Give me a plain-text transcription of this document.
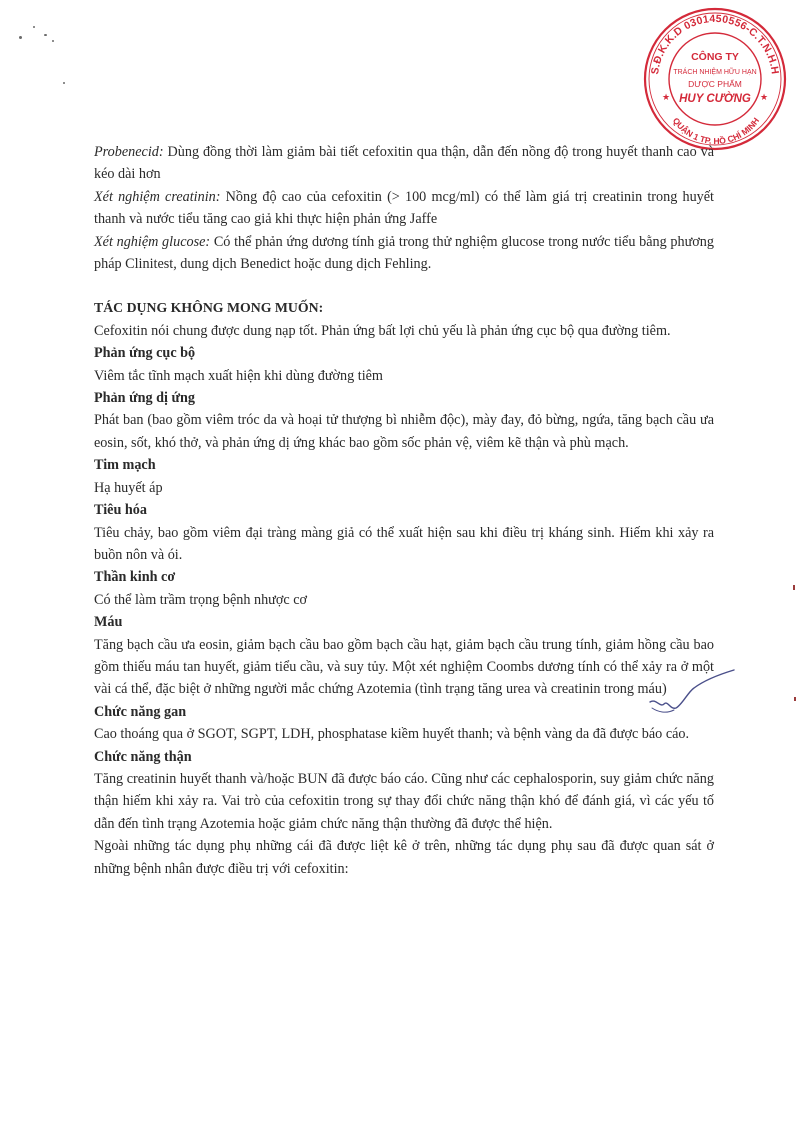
S.Đ.K.K.D 0301450556-C.T.N.H.H
QUẬN 1 TP. HỒ CHÍ MINH
CÔNG TY
TRÁCH NHIỆM HỮU HẠN
DƯỢC PHẨM
HUY CƯỜNG
★	★

Probenecid: Dùng đồng thời làm giảm bài tiết cefoxitin qua thận, dẫn đến nồng độ trong huyết thanh cao và kéo dài hơn

Xét nghiệm creatinin: Nồng độ cao của cefoxitin (> 100 mcg/ml) có thể làm giá trị creatinin trong huyết thanh và nước tiểu tăng cao giả khi thực hiện phản ứng Jaffe

Xét nghiệm glucose: Có thể phản ứng dương tính giả trong thử nghiệm glucose trong nước tiểu bằng phương pháp Clinitest, dung dịch Benedict hoặc dung dịch Fehling.

TÁC DỤNG KHÔNG MONG MUỐN:

Cefoxitin nói chung được dung nạp tốt. Phản ứng bất lợi chủ yếu là phản ứng cục bộ qua đường tiêm.

Phản ứng cục bộ

Viêm tắc tĩnh mạch xuất hiện khi dùng đường tiêm

Phản ứng dị ứng

Phát ban (bao gồm viêm tróc da và hoại tử thượng bì nhiễm độc), mày đay, đỏ bừng, ngứa, tăng bạch cầu ưa eosin, sốt, khó thở, và phản ứng dị ứng khác bao gồm sốc phản vệ, viêm kẽ thận và phù mạch.

Tim mạch

Hạ huyết áp

Tiêu hóa

Tiêu chảy, bao gồm viêm đại tràng màng giả có thể xuất hiện sau khi điều trị kháng sinh. Hiếm khi xảy ra buồn nôn và ói.

Thần kinh cơ

Có thể làm trầm trọng bệnh nhược cơ

Máu

Tăng bạch cầu ưa eosin, giảm bạch cầu bao gồm bạch cầu hạt, giảm bạch cầu trung tính, giảm hồng cầu bao gồm thiếu máu tan huyết, giảm tiểu cầu, và suy tủy. Một xét nghiệm Coombs dương tính có thể xảy ra ở một vài cá thể, đặc biệt ở những người mắc chứng Azotemia (tình trạng tăng urea và creatinin trong máu)

Chức năng gan

Cao thoáng qua ở SGOT, SGPT, LDH, phosphatase kiềm huyết thanh; và bệnh vàng da đã được báo cáo.

Chức năng thận

Tăng creatinin huyết thanh và/hoặc BUN đã được báo cáo. Cũng như các cephalosporin, suy giảm chức năng thận hiếm khi xảy ra. Vai trò của cefoxitin trong sự thay đổi chức năng thận khó để đánh giá, vì các yếu tố dẫn đến tình trạng Azotemia hoặc giảm chức năng thận thường đã được thể hiện.

Ngoài những tác dụng phụ những cái đã được liệt kê ở trên, những tác dụng phụ sau đã được quan sát ở những bệnh nhân được điều trị với cefoxitin:
